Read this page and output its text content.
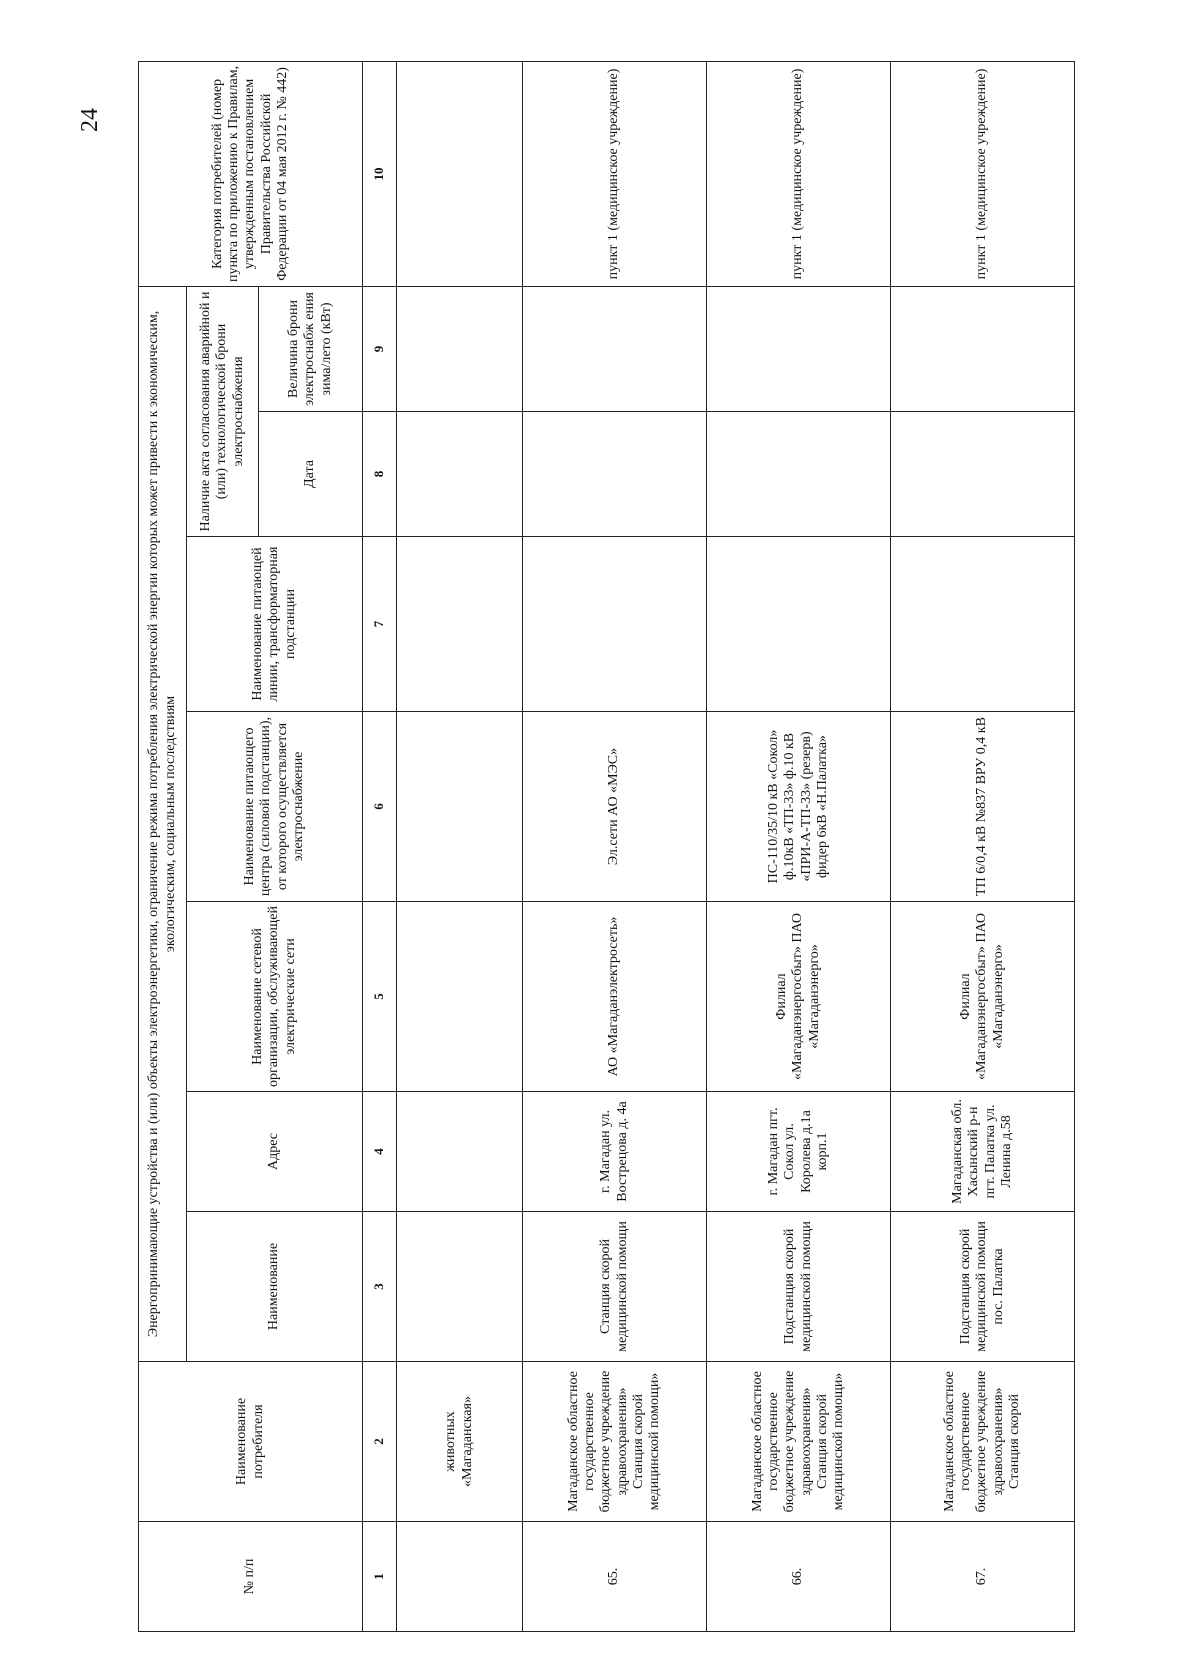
24
№ п/п	Наименование потребителя	Энергопринимающие устройства и (или) объекты электроэнергетики, ограничение режима потребления электрической энергии которых может привести к экономическим, экологическим, социальным последствиям							Категория потребителей (номер пункта по приложению к Правилам, утвержденным постановлением Правительства Российской Федерации от 04 мая 2012 г. № 442)
		Наименование	Адрес	Наименование сетевой организации, обслуживающей электрические сети	Наименование питающего центра (силовой подстанции), от которого осуществляется электроснабжение	Наименование питающей линии, трансформаторная подстанции	Наличие акта согласования аварийной и (или) технологической брони электроснабжения		
							Дата	Величина брони электроснабж ения зима/лето (кВт)	
1	2	3	4	5	6	7	8	9	10
	животных «Магаданская»								
65.	Магаданское областное государственное бюджетное учреждение здравоохранения» Станция скорой медицинской помощи»	Станция скорой медицинской помощи	г. Магадан ул. Вострецова д. 4а	АО «Магаданэлектросеть»	Эл.сети АО «МЭС»				пункт 1 (медицинское учреждение)
66.	Магаданское областное государственное бюджетное учреждение здравоохранения» Станция скорой медицинской помощи»	Подстанция скорой медицинской помощи	г. Магадан пгт. Сокол ул. Королева д.1а корп.1	Филиал «Магаданэнергосбыт» ПАО «Магаданэнерго»	ПС-110/35/10 кВ «Сокол» ф.10кВ «ТП-33» ф.10 кВ «ПРИ-А-ТП-33» (резерв) фидер 6кВ «Н.Палатка»				пункт 1 (медицинское учреждение)
67.	Магаданское областное государственное бюджетное учреждение здравоохранения» Станция скорой	Подстанция скорой медицинской помощи пос. Палатка	Магаданская обл. Хасынский р-н пгт. Палатка ул. Ленина д.58	Филиал «Магаданэнергосбыт» ПАО «Магаданэнерго»	ТП 6/0,4 кВ №837 ВРУ 0,4 кВ				пункт 1 (медицинское учреждение)
